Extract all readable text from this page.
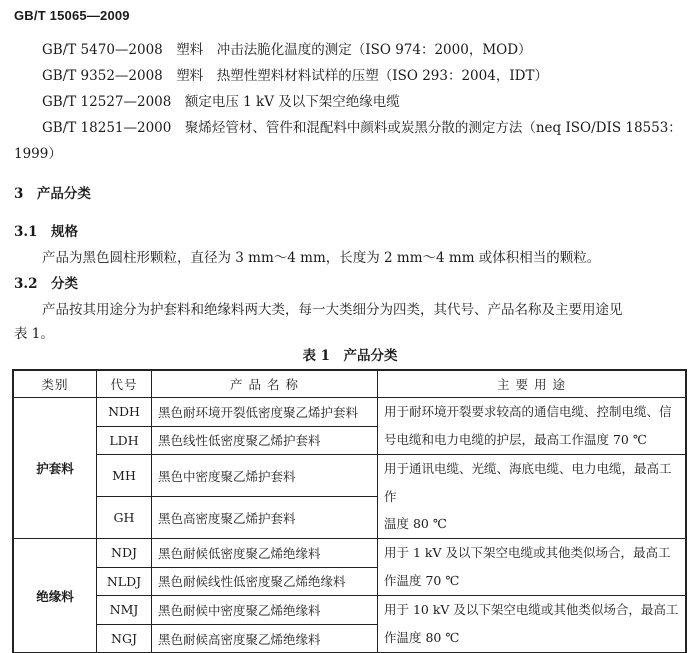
GB/T 15065—2009
GB/T 5470—2008　塑料　冲击法脆化温度的测定（ISO 974：2000，MOD）
GB/T 9352—2008　塑料　热塑性塑料材料试样的压塑（ISO 293：2004，IDT）
GB/T 12527—2008　额定电压 1 kV 及以下架空绝缘电缆
GB/T 18251—2000　聚烯烃管材、管件和混配料中颜料或炭黑分散的测定方法（neq ISO/DIS 18553：
1999）
3　产品分类
3.1　规格
产品为黑色圆柱形颗粒，直径为 3 mm～4 mm，长度为 2 mm～4 mm 或体积相当的颗粒。
3.2　分类
产品按其用途分为护套料和绝缘料两大类，每一大类细分为四类，其代号、产品名称及主要用途见
表 1。
表 1　产品分类
类别	代号	产 品 名 称	主 要 用 途
护套料	NDH	黑色耐环境开裂低密度聚乙烯护套料	用于耐环境开裂要求较高的通信电缆、控制电缆、信
号电缆和电力电缆的护层，最高工作温度 70 ℃

	LDH	黑色线性低密度聚乙烯护套料	
	MH	黑色中密度聚乙烯护套料	用于通讯电缆、光缆、海底电缆、电力电缆，最高工作
温度 80 ℃

	GH	黑色高密度聚乙烯护套料	
绝缘料	NDJ	黑色耐候低密度聚乙烯绝缘料	用于 1 kV 及以下架空电缆或其他类似场合，最高工
作温度 70 ℃

	NLDJ	黑色耐候线性低密度聚乙烯绝缘料	
	NMJ	黑色耐候中密度聚乙烯绝缘料	用于 10 kV 及以下架空电缆或其他类似场合，最高工
作温度 80 ℃

	NGJ	黑色耐候高密度聚乙烯绝缘料	
